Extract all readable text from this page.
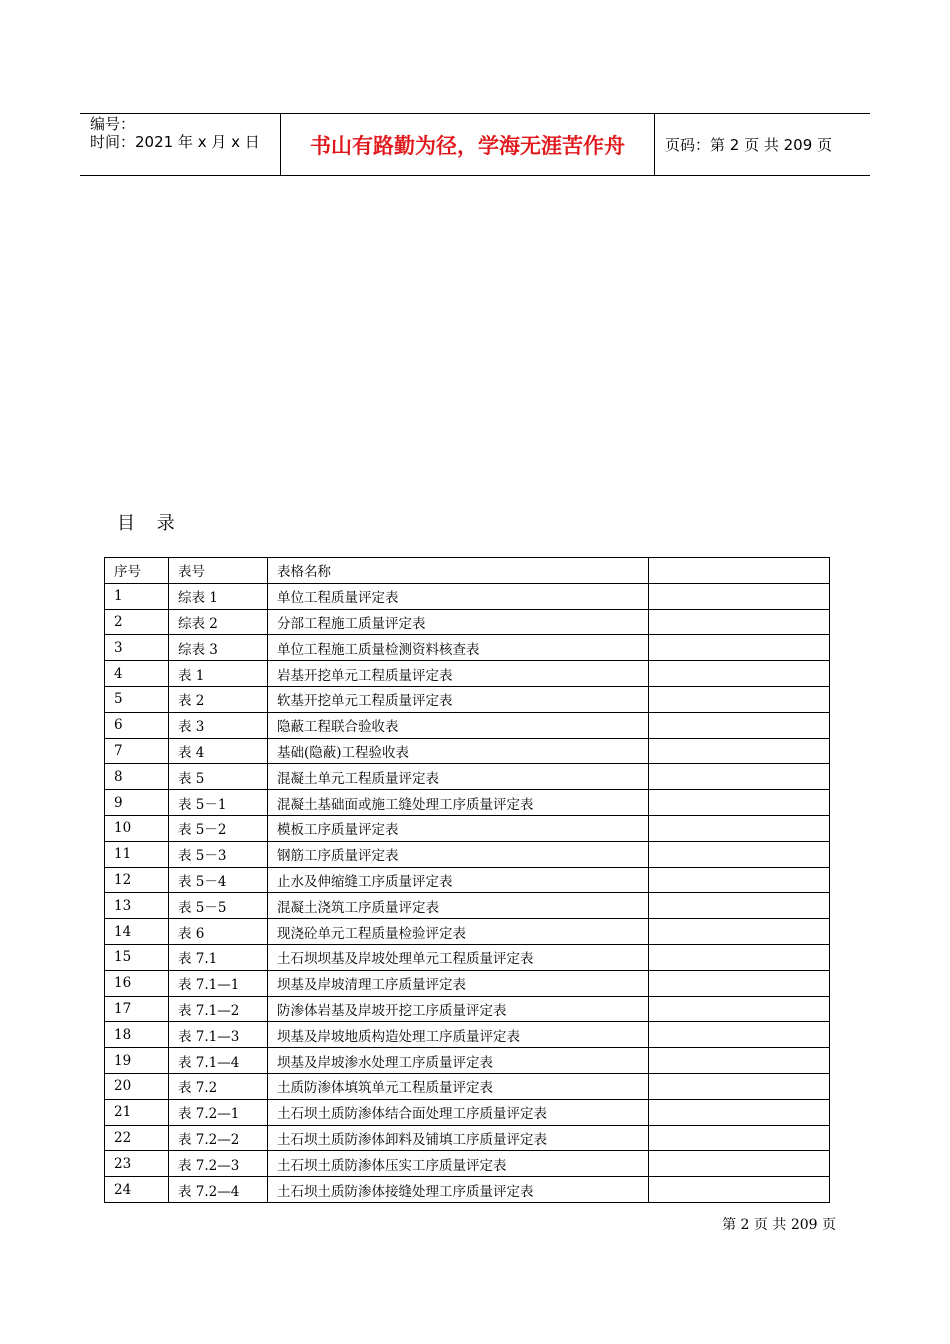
编号：
时间：2021 年 x 月 x 日	书山有路勤为径，学海无涯苦作舟	页码：第 2 页 共 209 页
目 录
序号	表号	表格名称	
1	综表 1	单位工程质量评定表	
2	综表 2	分部工程施工质量评定表	
3	综表 3	单位工程施工质量检测资料核查表	
4	表 1	岩基开挖单元工程质量评定表	
5	表 2	软基开挖单元工程质量评定表	
6	表 3	隐蔽工程联合验收表	
7	表 4	基础(隐蔽)工程验收表	
8	表 5	混凝土单元工程质量评定表	
9	表 5－1	混凝土基础面或施工缝处理工序质量评定表	
10	表 5－2	模板工序质量评定表	
11	表 5－3	钢筋工序质量评定表	
12	表 5－4	止水及伸缩缝工序质量评定表	
13	表 5－5	混凝土浇筑工序质量评定表	
14	表 6	现浇砼单元工程质量检验评定表	
15	表 7.1	土石坝坝基及岸坡处理单元工程质量评定表	
16	表 7.1—1	坝基及岸坡清理工序质量评定表	
17	表 7.1—2	防渗体岩基及岸坡开挖工序质量评定表	
18	表 7.1—3	坝基及岸坡地质构造处理工序质量评定表	
19	表 7.1—4	坝基及岸坡渗水处理工序质量评定表	
20	表 7.2	土质防渗体填筑单元工程质量评定表	
21	表 7.2—1	土石坝土质防渗体结合面处理工序质量评定表	
22	表 7.2—2	土石坝土质防渗体卸料及铺填工序质量评定表	
23	表 7.2—3	土石坝土质防渗体压实工序质量评定表	
24	表 7.2—4	土石坝土质防渗体接缝处理工序质量评定表	
第 2 页 共 209 页
